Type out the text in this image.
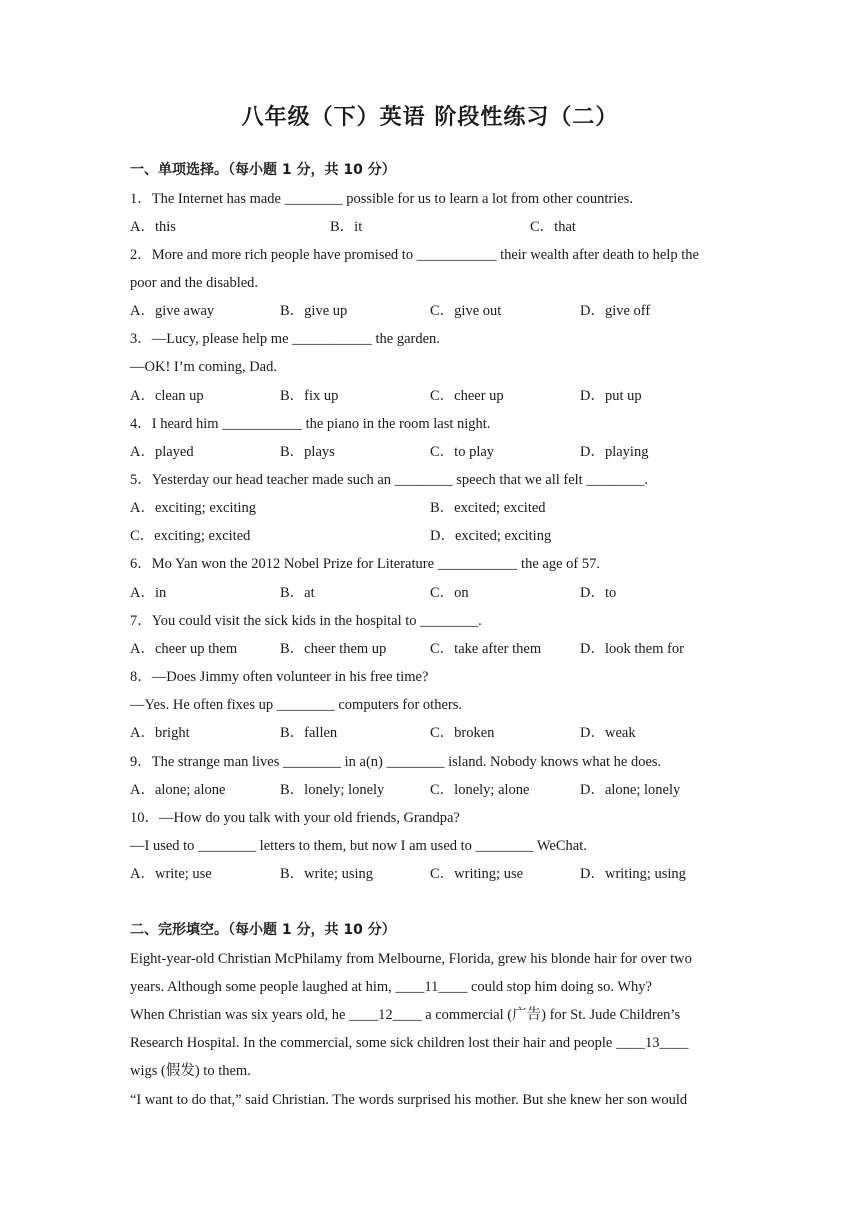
八年级（下）英语 阶段性练习（二）
一、单项选择。（每小题 1 分，共 10 分）
1．The Internet has made ________ possible for us to learn a lot from other countries.
A．this	B．it	C．that
2．More and more rich people have promised to ___________ their wealth after death to help the
poor and the disabled.
A．give away	B．give up	C．give out	D．give off
3．—Lucy, please help me ___________ the garden.
—OK! I’m coming, Dad.
A．clean up	B．fix up	C．cheer up	D．put up
4．I heard him ___________ the piano in the room last night.
A．played	B．plays	C．to play	D．playing
5．Yesterday our head teacher made such an ________ speech that we all felt ________.
A．exciting; exciting	B．excited; excited
C．exciting; excited	D．excited; exciting
6．Mo Yan won the 2012 Nobel Prize for Literature ___________ the age of 57.
A．in	B．at	C．on	D．to
7．You could visit the sick kids in the hospital to ________.
A．cheer up them	B．cheer them up	C．take after them	D．look them for
8．—Does Jimmy often volunteer in his free time?
—Yes. He often fixes up ________ computers for others.
A．bright	B．fallen	C．broken	D．weak
9．The strange man lives ________ in a(n) ________ island. Nobody knows what he does.
A．alone; alone	B．lonely; lonely	C．lonely; alone	D．alone; lonely
10．—How do you talk with your old friends, Grandpa?
—I used to ________ letters to them, but now I am used to ________ WeChat.
A．write; use	B．write; using	C．writing; use	D．writing; using
二、完形填空。（每小题 1 分，共 10 分）
Eight-year-old Christian McPhilamy from Melbourne, Florida, grew his blonde hair for over two
years. Although some people laughed at him, ____11____ could stop him doing so. Why?
When Christian was six years old, he ____12____ a commercial (广告) for St. Jude Children’s
Research Hospital. In the commercial, some sick children lost their hair and people ____13____
wigs (假发) to them.
“I want to do that,” said Christian. The words surprised his mother. But she knew her son would
